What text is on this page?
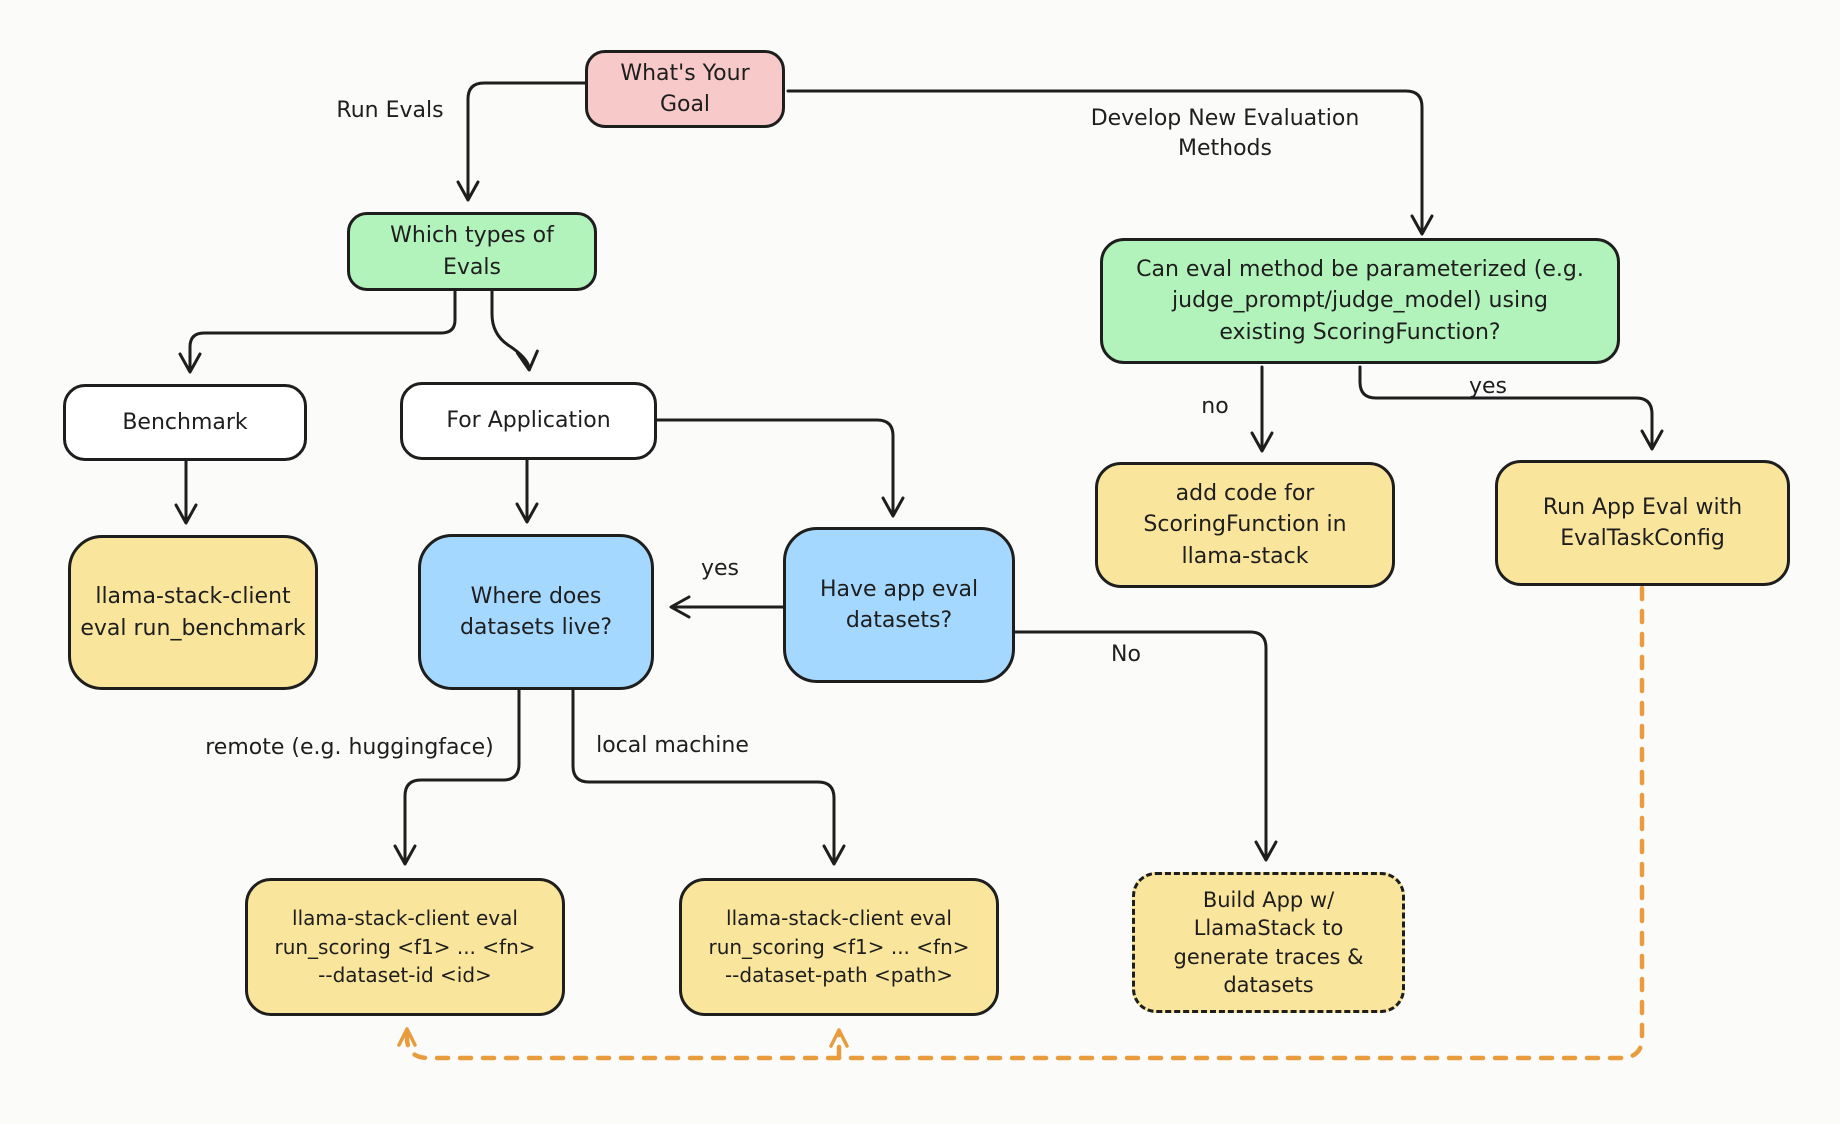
What's Your
Goal
Which types of
Evals
Benchmark	For Application
llama-stack-client
eval run_benchmark
Where does
datasets live?
Have app eval
datasets?
Can eval method be parameterized (e.g.
judge_prompt/judge_model) using
existing ScoringFunction?
add code for
ScoringFunction in
llama-stack
Run App Eval with
EvalTaskConfig
llama-stack-client eval
run_scoring <f1> ... <fn>
--dataset-id <id>
llama-stack-client eval
run_scoring <f1> ... <fn>
--dataset-path <path>
Build App w/
LlamaStack to
generate traces &
datasets
Run Evals	Develop New Evaluation
Methods
yes
no
yes
No
remote (e.g. huggingface)	local machine
